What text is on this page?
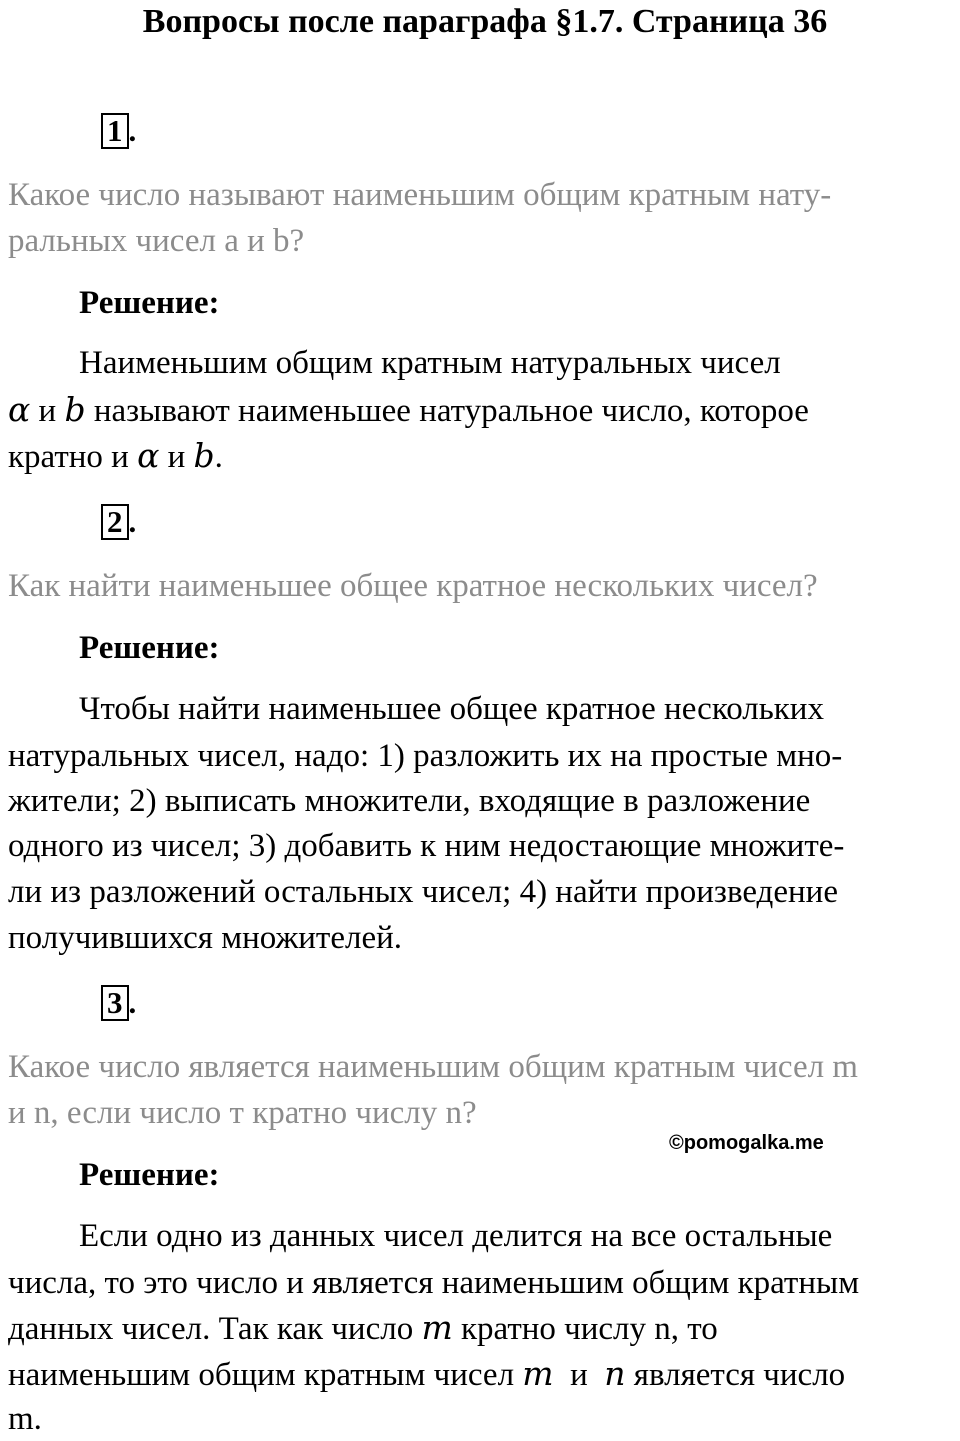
Вопросы после параграфа §1.7. Страница 36
1 .
Какое число называют наименьшим общим кратным нату-
ральных чисел а и b?
Решение:
Наименьшим общим кратным натуральных чисел
α и b называют наименьшее натуральное число, которое
кратно и α и b.
2 .
Как найти наименьшее общее кратное нескольких чисел?
Решение:
Чтобы найти наименьшее общее кратное нескольких
натуральных чисел, надо: 1) разложить их на простые мно-
жители; 2) выписать множители, входящие в разложение
одного из чисел; 3) добавить к ним недостающие множите-
ли из разложений остальных чисел; 4) найти произведение
получившихся множителей.
3 .
Какое число является наименьшим общим кратным чисел m
и n, если число т кратно числу n?
©pomogalka.me
Решение:
Если одно из данных чисел делится на все остальные
числа, то это число и является наименьшим общим кратным
данных чисел. Так как число m кратно числу n, то
наименьшим общим кратным чисел m  и  n является число
m.
